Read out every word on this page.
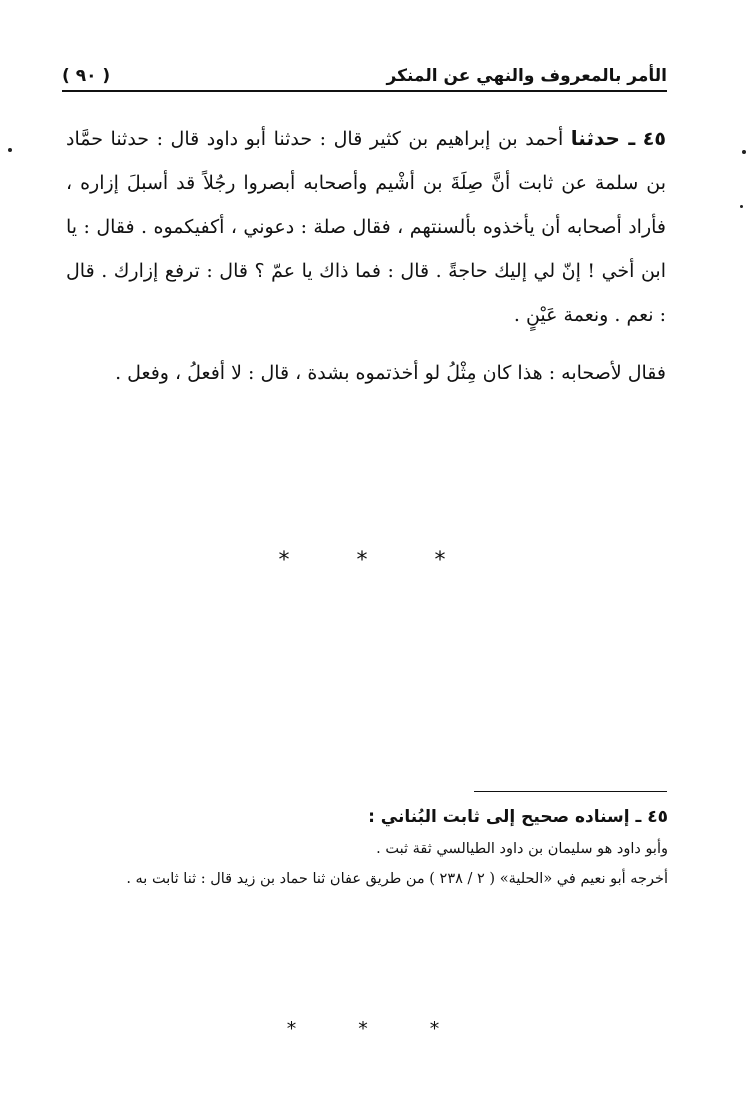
( ٩٠ )	الأمر بالمعروف والنهي عن المنكر

٤٥ ـ حدثنا أحمد بن إبراهيم بن كثير قال : حدثنا أبو داود قال : حدثنا حمَّاد بن سلمة عن ثابت أنَّ صِلَةَ بن أشْيم وأصحابه أبصروا رجُلاً قد أسبلَ إزاره ، فأراد أصحابه أن يأخذوه بألسنتهم ، فقال صلة : دعوني ، أكفيكموه . فقال : يا ابن أخي ! إنّ لي إليك حاجةً . قال : فما ذاك يا عمّ ؟ قال : ترفع إزارك . قال : نعم . ونعمة عَيْنٍ .

فقال لأصحابه : هذا كان مِثْلُ لو أخذتموه بشدة ، قال : لا أفعلُ ، وفعل .

* * *

٤٥ ـ إسناده صحيح إلى ثابت البُناني :

وأبو داود هو سليمان بن داود الطيالسي ثقة ثبت .

أخرجه أبو نعيم في «الحلية» ( ٢ / ٢٣٨ ) من طريق عفان ثنا حماد بن زيد قال : ثنا ثابت به .

* * *
